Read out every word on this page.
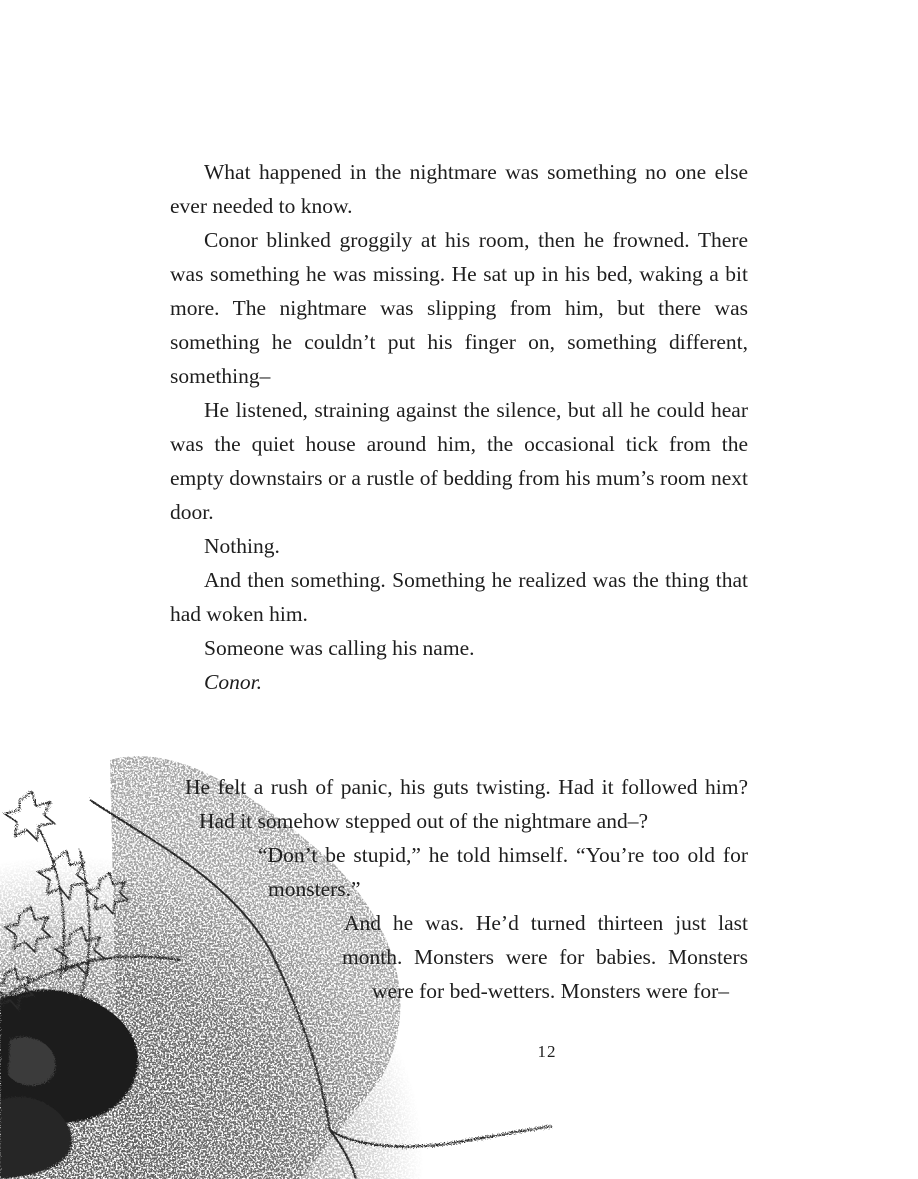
What happened in the nightmare was something no one else ever needed to know.

Conor blinked groggily at his room, then he frowned. There was something he was missing. He sat up in his bed, waking a bit more. The nightmare was slipping from him, but there was something he couldn’t put his finger on, something different, something–

He listened, straining against the silence, but all he could hear was the quiet house around him, the occasional tick from the empty downstairs or a rustle of bedding from his mum’s room next door.

Nothing.

And then something. Something he realized was the thing that had woken him.

Someone was calling his name.

Conor.

He felt a rush of panic, his guts twisting. Had it followed him?
Had it somehow stepped out of the nightmare and–?
“Don’t be stupid,” he told himself. “You’re too old for
monsters.”
And he was. He’d turned thirteen just last
month. Monsters were for babies. Monsters
were for bed-wetters. Monsters were for–
12
